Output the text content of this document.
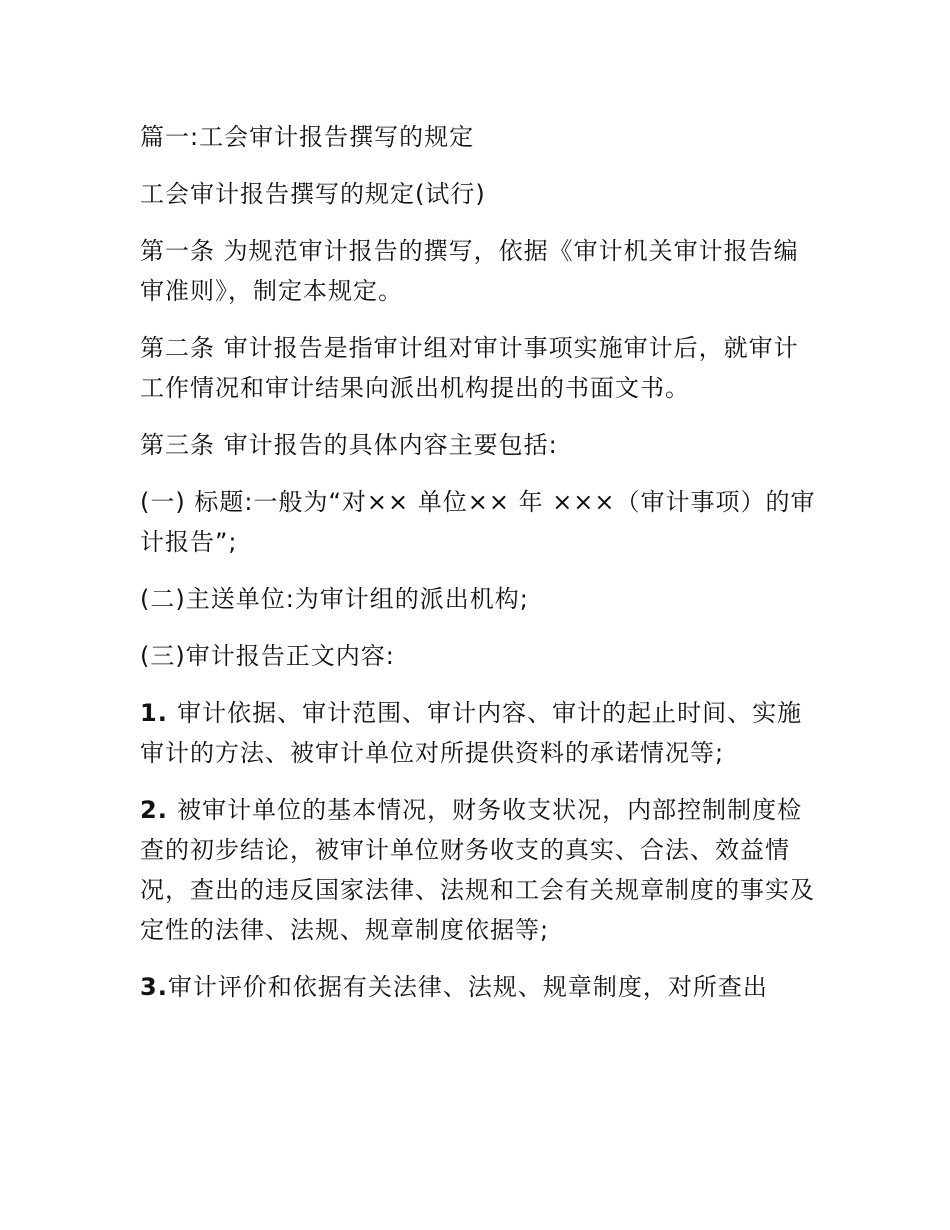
篇一:工会审计报告撰写的规定

工会审计报告撰写的规定(试行)

第一条 为规范审计报告的撰写，依据《审计机关审计报告编审准则》，制定本规定。

第二条 审计报告是指审计组对审计事项实施审计后，就审计工作情况和审计结果向派出机构提出的书面文书。

第三条 审计报告的具体内容主要包括:

(一) 标题:一般为“对×× 单位×× 年 ×××（审计事项）的审计报告”;

(二)主送单位:为审计组的派出机构;

(三)审计报告正文内容:

1. 审计依据、审计范围、审计内容、审计的起止时间、实施审计的方法、被审计单位对所提供资料的承诺情况等;

2. 被审计单位的基本情况，财务收支状况，内部控制制度检查的初步结论，被审计单位财务收支的真实、合法、效益情况，查出的违反国家法律、法规和工会有关规章制度的事实及定性的法律、法规、规章制度依据等;

3.审计评价和依据有关法律、法规、规章制度，对所查出
